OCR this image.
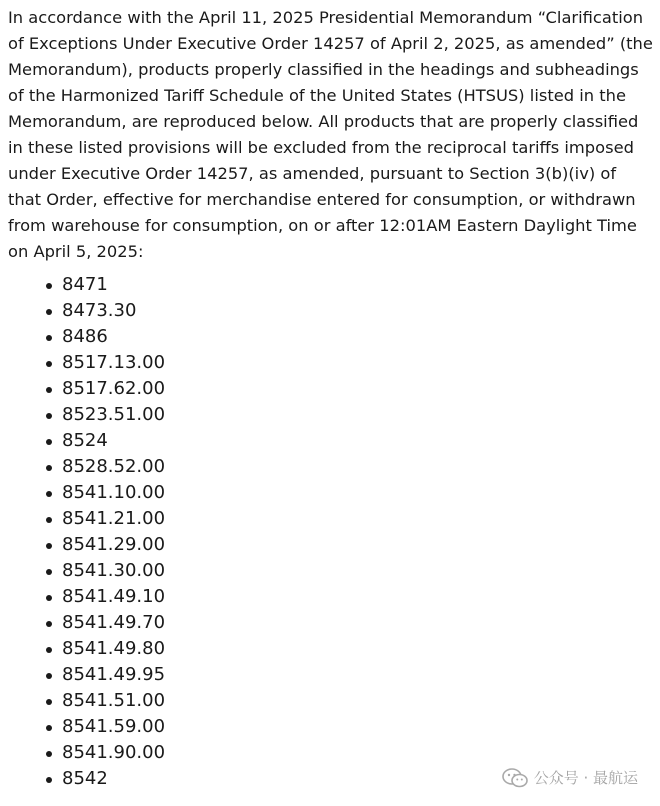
In accordance with the April 11, 2025 Presidential Memorandum “Clarification of Exceptions Under Executive Order 14257 of April 2, 2025, as amended” (the Memorandum), products properly classified in the headings and subheadings of the Harmonized Tariff Schedule of the United States (HTSUS) listed in the Memorandum, are reproduced below. All products that are properly classified in these listed provisions will be excluded from the reciprocal tariffs imposed under Executive Order 14257, as amended, pursuant to Section 3(b)(iv) of that Order, effective for merchandise entered for consumption, or withdrawn from warehouse for consumption, on or after 12:01AM Eastern Daylight Time on April 5, 2025:

8471
8473.30
8486
8517.13.00
8517.62.00
8523.51.00
8524
8528.52.00
8541.10.00
8541.21.00
8541.29.00
8541.30.00
8541.49.10
8541.49.70
8541.49.80
8541.49.95
8541.51.00
8541.59.00
8541.90.00
8542	公众号 · 最航运
